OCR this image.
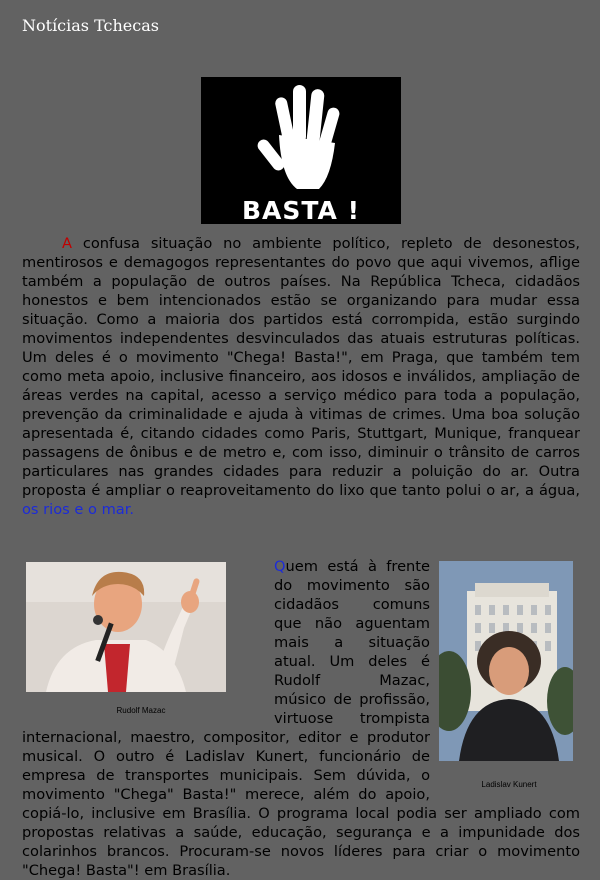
Notícias Tchecas
BASTA !
A confusa situação no ambiente político, repleto de desonestos, mentirosos e demagogos representantes do povo que aqui vivemos, aflige também a população de outros países. Na República Tcheca, cidadãos honestos e bem intencionados estão se organizando para mudar essa situação. Como a maioria dos partidos está corrompida, estão surgindo movimentos independentes desvinculados das atuais estruturas políticas. Um deles é o movimento "Chega! Basta!", em Praga, que também tem como meta apoio, inclusive financeiro, aos idosos e inválidos, ampliação de áreas verdes na capital, acesso a serviço médico para toda a população, prevenção da criminalidade e ajuda à vitimas de crimes. Uma boa solução apresentada é, citando cidades como Paris, Stuttgart, Munique, franquear passagens de ônibus e de metro e, com isso, diminuir o trânsito de carros particulares nas grandes cidades para reduzir a poluição do ar. Outra proposta é ampliar o reaproveitamento do lixo que tanto polui o ar, a água, os rios e o mar.
Rudolf Mazac
Ladislav Kunert
Quem está à frente do movimento são cidadãos comuns que não aguentam mais a situação atual. Um deles é Rudolf Mazac, músico de profissão, virtuose trompista internacional, maestro, compositor, editor e produtor musical. O outro é Ladislav Kunert, funcionário de empresa de transportes municipais. Sem dúvida, o movimento "Chega" Basta!" merece, além do apoio, copiá-lo, inclusive em Brasília. O programa local podia ser ampliado com propostas relativas a saúde, educação, segurança e a impunidade dos colarinhos brancos. Procuram-se novos líderes para criar o movimento "Chega! Basta"! em Brasília.
